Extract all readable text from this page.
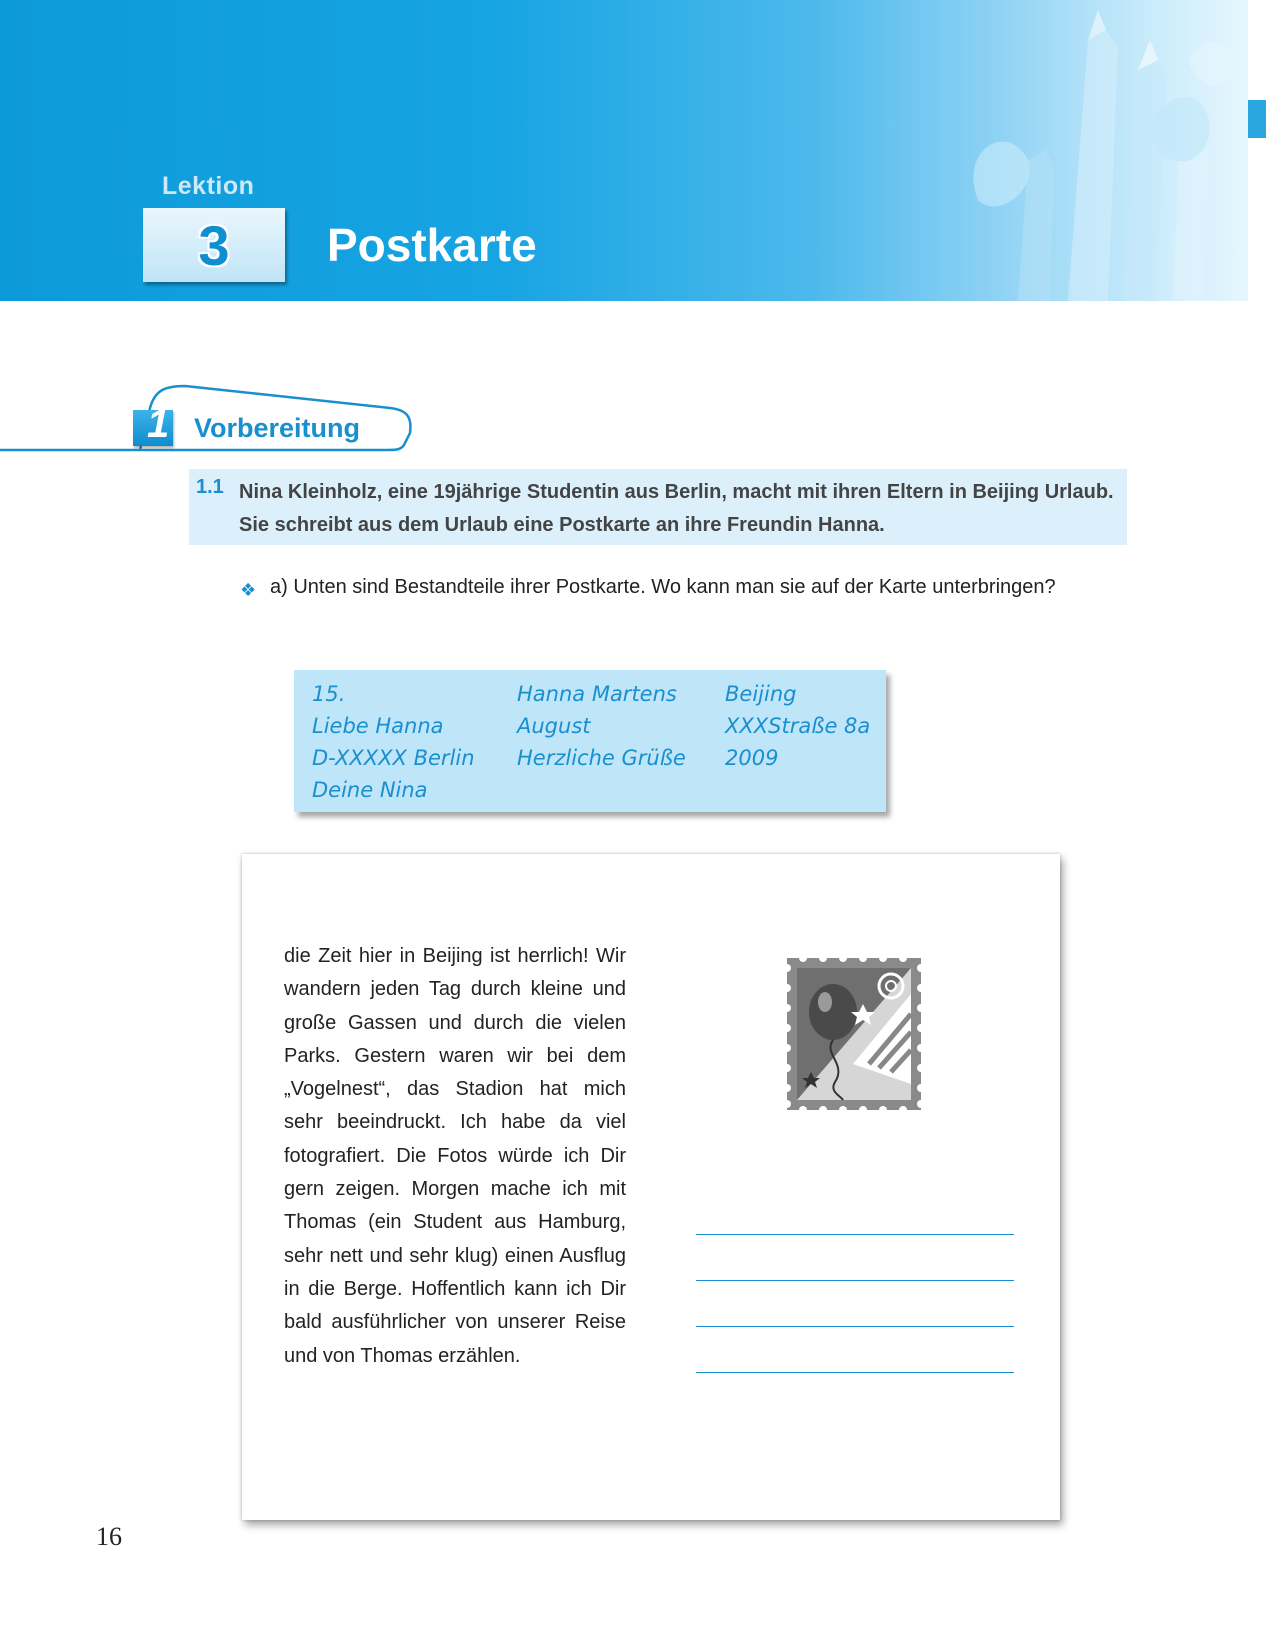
Lektion
3 Postkarte
1 Vorbereitung
1.1 Nina Kleinholz, eine 19jährige Studentin aus Berlin, macht mit ihren Eltern in Beijing Urlaub. Sie schreibt aus dem Urlaub eine Postkarte an ihre Freundin Hanna.
❖ a) Unten sind Bestandteile ihrer Postkarte. Wo kann man sie auf der Karte unterbringen?
15.
Liebe Hanna
D-XXXXX Berlin
Deine Nina
Hanna Martens
August
Herzliche Grüße
Beijing
XXXStraße 8a
2009
die Zeit hier in Beijing ist herrlich! Wir wandern jeden Tag durch kleine und große Gassen und durch die vielen Parks. Gestern waren wir bei dem „Vogelnest“, das Stadion hat mich sehr beeindruckt. Ich habe da viel fotografiert. Die Fotos würde ich Dir gern zeigen. Morgen mache ich mit Thomas (ein Student aus Hamburg, sehr nett und sehr klug) einen Ausflug in die Berge. Hoffentlich kann ich Dir bald ausführlicher von unserer Reise und von Thomas erzählen.
16
